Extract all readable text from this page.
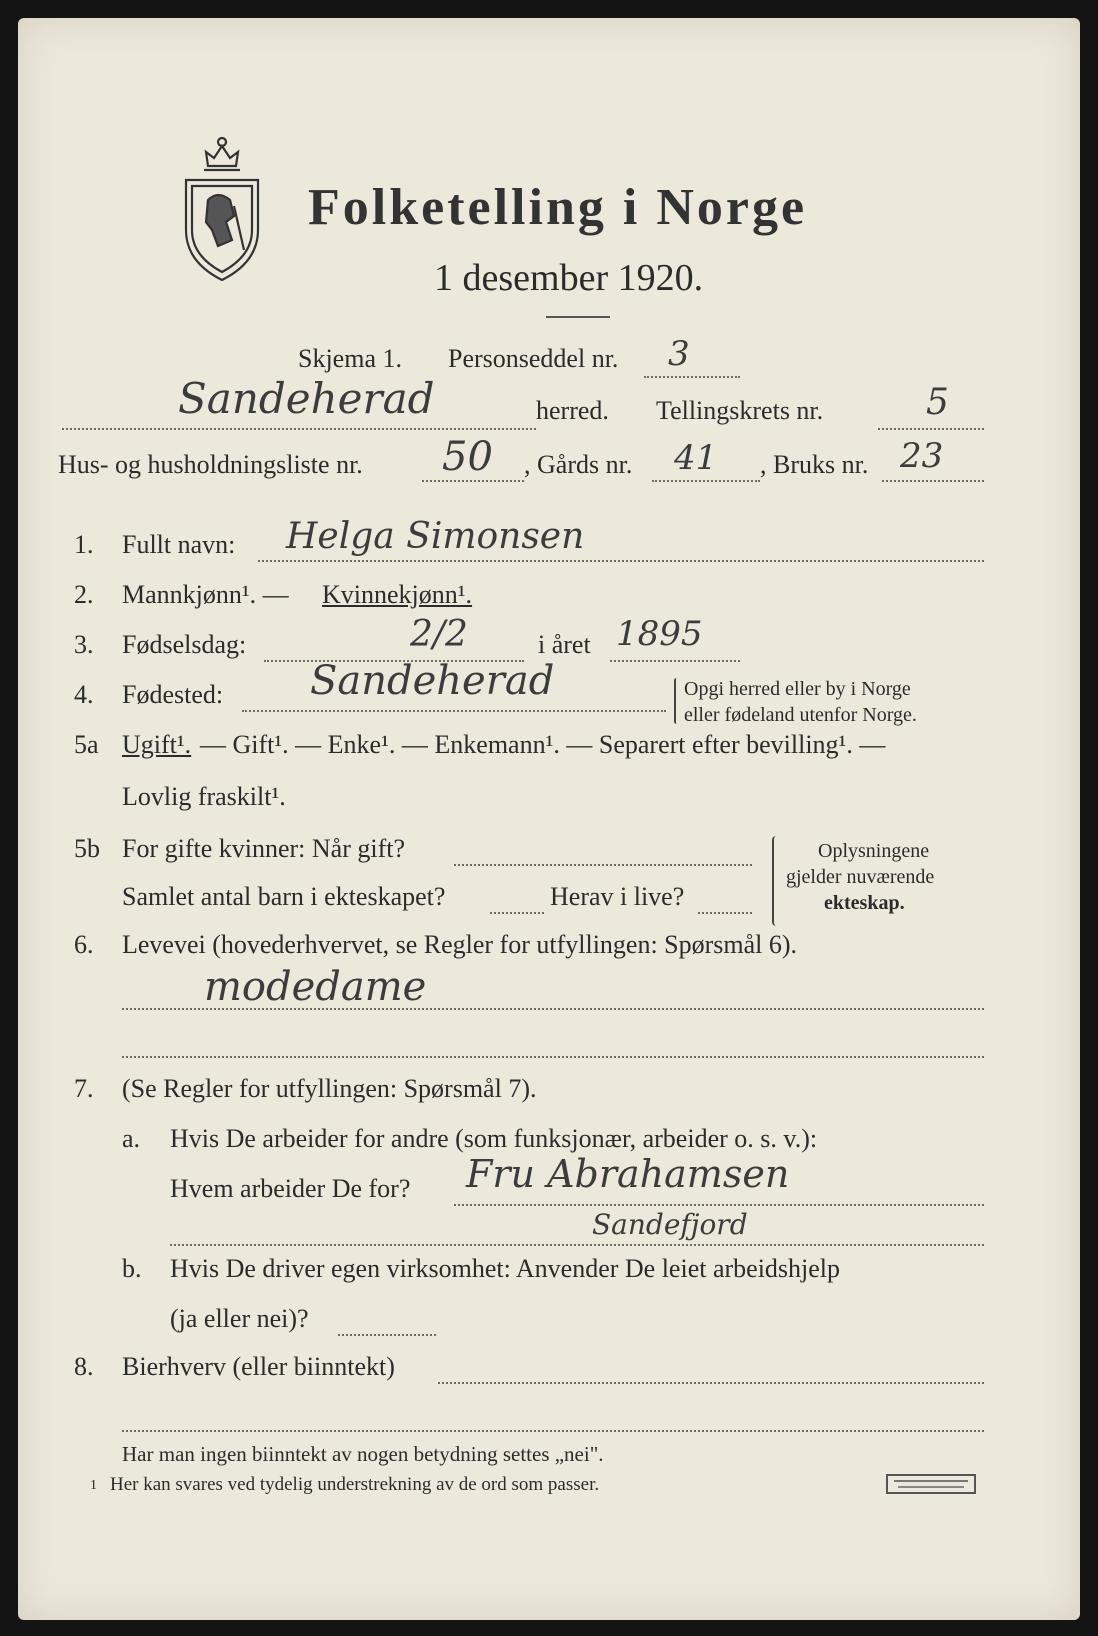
Folketelling i Norge
1 desember 1920.
Skjema 1. Personseddel nr. 3
Sandeherad	herred. Tellingskrets nr.	5
Hus- og husholdningsliste nr. 50 , Gårds nr. 41 , Bruks nr. 23
1. Fullt navn: Helga Simonsen
2. Mannkjønn¹. — Kvinnekjønn¹.
3. Fødselsdag:	2/2	i året 1895
4. Fødested: Sandeherad	Opgi herred eller by i Norge
eller fødeland utenfor Norge.
5a Ugift¹. — Gift¹. — Enke¹. — Enkemann¹. — Separert efter bevilling¹. —
Lovlig fraskilt¹.
5b For gifte kvinner: Når gift?
Samlet antal barn i ekteskapet?	Herav i live?
Oplysningene
gjelder nuværende
ekteskap.
6. Levevei (hovederhvervet, se Regler for utfyllingen: Spørsmål 6).
modedame
7. (Se Regler for utfyllingen: Spørsmål 7).
a. Hvis De arbeider for andre (som funksjonær, arbeider o. s. v.):
Hvem arbeider De for? Fru Abrahamsen
Sandefjord
b. Hvis De driver egen virksomhet: Anvender De leiet arbeidshjelp
(ja eller nei)?
8. Bierhverv (eller biinntekt)
Har man ingen biinntekt av nogen betydning settes „nei".
1 Her kan svares ved tydelig understrekning av de ord som passer.
